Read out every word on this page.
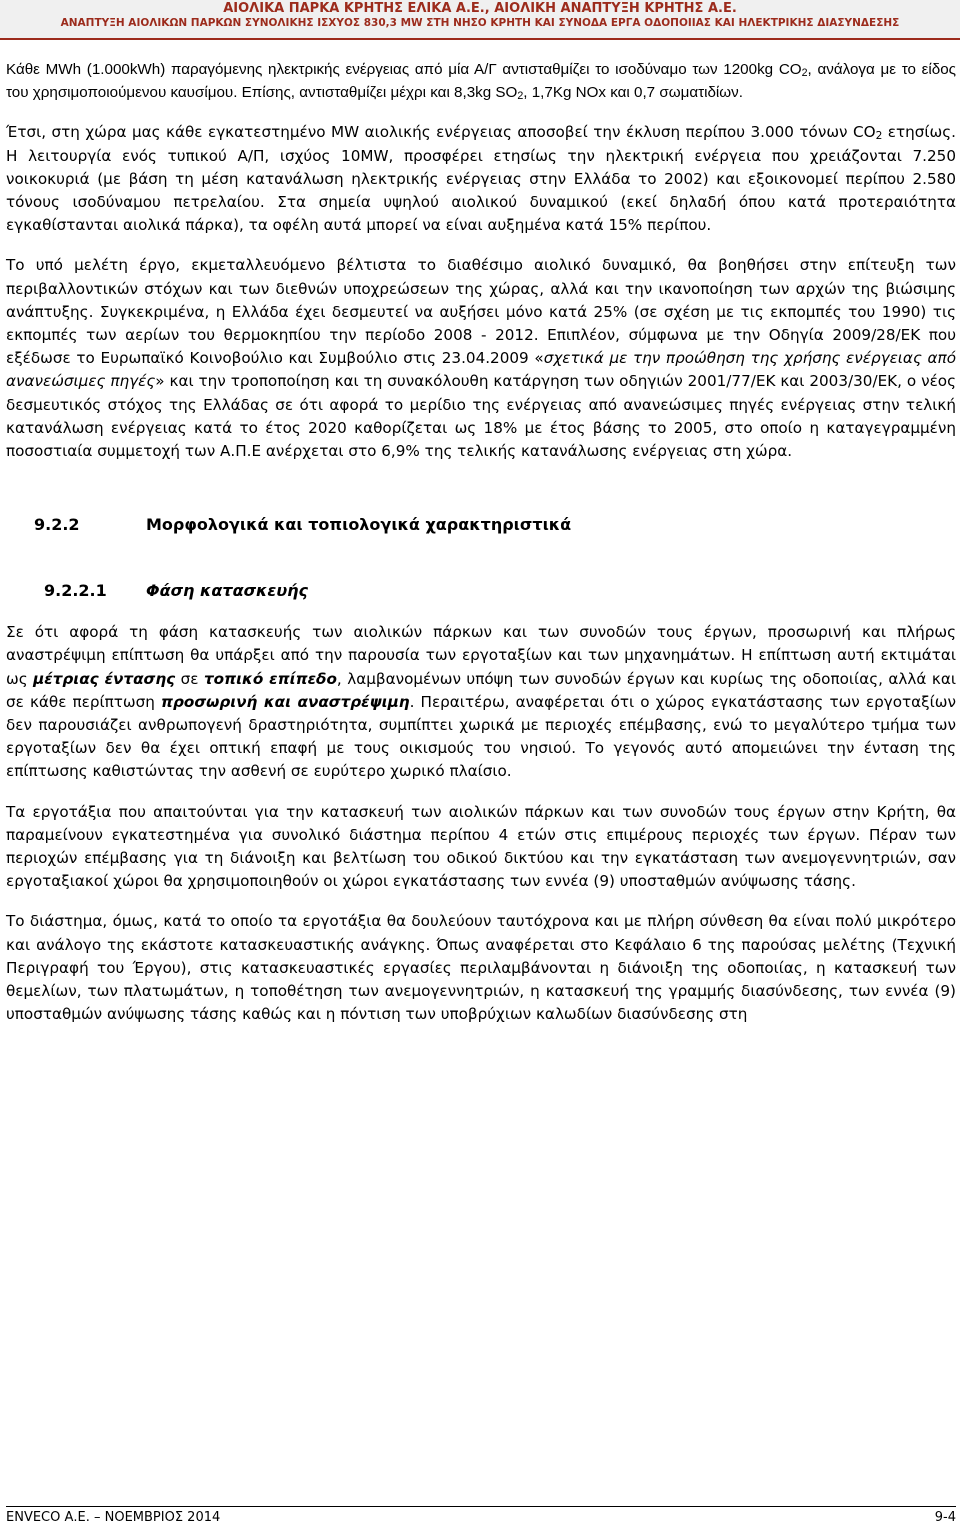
ΑΙΟΛΙΚΑ ΠΑΡΚΑ ΚΡΗΤΗΣ ΕΛΙΚΑ Α.Ε., ΑΙΟΛΙΚΗ ΑΝΑΠΤΥΞΗ ΚΡΗΤΗΣ Α.Ε.
ΑΝΑΠΤΥΞΗ ΑΙΟΛΙΚΩΝ ΠΑΡΚΩΝ ΣΥΝΟΛΙΚΗΣ ΙΣΧΥΟΣ 830,3 MW ΣΤΗ ΝΗΣΟ ΚΡΗΤΗ ΚΑΙ ΣΥΝΟΔΑ ΕΡΓΑ ΟΔΟΠΟΙΙΑΣ ΚΑΙ ΗΛΕΚΤΡΙΚΗΣ ΔΙΑΣΥΝΔΕΣΗΣ

Κάθε MWh (1.000kWh) παραγόμενης ηλεκτρικής ενέργειας από μία Α/Γ αντισταθμίζει το ισοδύναμο των 1200kg $CO_2$, ανάλογα με το είδος του χρησιμοποιούμενου καυσίμου. Επίσης, αντισταθμίζει μέχρι και 8,3kg $SO_2$, 1,7Kg NOx και 0,7 σωματιδίων.

Έτσι, στη χώρα μας κάθε εγκατεστημένο MW αιολικής ενέργειας αποσοβεί την έκλυση περίπου 3.000 τόνων $CO_2$ ετησίως. Η λειτουργία ενός τυπικού Α/Π, ισχύος 10MW, προσφέρει ετησίως την ηλεκτρική ενέργεια που χρειάζονται 7.250 νοικοκυριά (με βάση τη μέση κατανάλωση ηλεκτρικής ενέργειας στην Ελλάδα το 2002) και εξοικονομεί περίπου 2.580 τόνους ισοδύναμου πετρελαίου. Στα σημεία υψηλού αιολικού δυναμικού (εκεί δηλαδή όπου κατά προτεραιότητα εγκαθίστανται αιολικά πάρκα), τα οφέλη αυτά μπορεί να είναι αυξημένα κατά 15% περίπου.

Το υπό μελέτη έργο, εκμεταλλευόμενο βέλτιστα το διαθέσιμο αιολικό δυναμικό, θα βοηθήσει στην επίτευξη των περιβαλλοντικών στόχων και των διεθνών υποχρεώσεων της χώρας, αλλά και την ικανοποίηση των αρχών της βιώσιμης ανάπτυξης. Συγκεκριμένα, η Ελλάδα έχει δεσμευτεί να αυξήσει μόνο κατά 25% (σε σχέση με τις εκπομπές του 1990) τις εκπομπές των αερίων του θερμοκηπίου την περίοδο 2008 - 2012. Επιπλέον, σύμφωνα με την Οδηγία 2009/28/ΕΚ που εξέδωσε το Ευρωπαϊκό Κοινοβούλιο και Συμβούλιο στις 23.04.2009 «σχετικά με την προώθηση της χρήσης ενέργειας από ανανεώσιμες πηγές» και την τροποποίηση και τη συνακόλουθη κατάργηση των οδηγιών 2001/77/ΕΚ και 2003/30/ΕΚ, ο νέος δεσμευτικός στόχος της Ελλάδας σε ότι αφορά το μερίδιο της ενέργειας από ανανεώσιμες πηγές ενέργειας στην τελική κατανάλωση ενέργειας κατά το έτος 2020 καθορίζεται ως 18% με έτος βάσης το 2005, στο οποίο η καταγεγραμμένη ποσοστιαία συμμετοχή των Α.Π.Ε ανέρχεται στο 6,9% της τελικής κατανάλωσης ενέργειας στη χώρα.

9.2.2	Μορφολογικά και τοπιολογικά χαρακτηριστικά
9.2.2.1 Φάση κατασκευής

Σε ότι αφορά τη φάση κατασκευής των αιολικών πάρκων και των συνοδών τους έργων, προσωρινή και πλήρως αναστρέψιμη επίπτωση θα υπάρξει από την παρουσία των εργοταξίων και των μηχανημάτων. Η επίπτωση αυτή εκτιμάται ως μέτριας έντασης σε τοπικό επίπεδο, λαμβανομένων υπόψη των συνοδών έργων και κυρίως της οδοποιίας, αλλά και σε κάθε περίπτωση προσωρινή και αναστρέψιμη. Περαιτέρω, αναφέρεται ότι ο χώρος εγκατάστασης των εργοταξίων δεν παρουσιάζει ανθρωπογενή δραστηριότητα, συμπίπτει χωρικά με περιοχές επέμβασης, ενώ το μεγαλύτερο τμήμα των εργοταξίων δεν θα έχει οπτική επαφή με τους οικισμούς του νησιού. Το γεγονός αυτό απομειώνει την ένταση της επίπτωσης καθιστώντας την ασθενή σε ευρύτερο χωρικό πλαίσιο.

Τα εργοτάξια που απαιτούνται για την κατασκευή των αιολικών πάρκων και των συνοδών τους έργων στην Κρήτη, θα παραμείνουν εγκατεστημένα για συνολικό διάστημα περίπου 4 ετών στις επιμέρους περιοχές των έργων. Πέραν των περιοχών επέμβασης για τη διάνοιξη και βελτίωση του οδικού δικτύου και την εγκατάσταση των ανεμογεννητριών, σαν εργοταξιακοί χώροι θα χρησιμοποιηθούν οι χώροι εγκατάστασης των εννέα (9) υποσταθμών ανύψωσης τάσης.

Το διάστημα, όμως, κατά το οποίο τα εργοτάξια θα δουλεύουν ταυτόχρονα και με πλήρη σύνθεση θα είναι πολύ μικρότερο και ανάλογο της εκάστοτε κατασκευαστικής ανάγκης. Όπως αναφέρεται στο Κεφάλαιο 6 της παρούσας μελέτης (Τεχνική Περιγραφή του Έργου), στις κατασκευαστικές εργασίες περιλαμβάνονται η διάνοιξη της οδοποιίας, η κατασκευή των θεμελίων, των πλατωμάτων, η τοποθέτηση των ανεμογεννητριών, η κατασκευή της γραμμής διασύνδεσης, των εννέα (9) υποσταθμών ανύψωσης τάσης καθώς και η πόντιση των υποβρύχιων καλωδίων διασύνδεσης στη

ENVECO Α.Ε. – ΝΟΕΜΒΡΙΟΣ 2014	9-4
